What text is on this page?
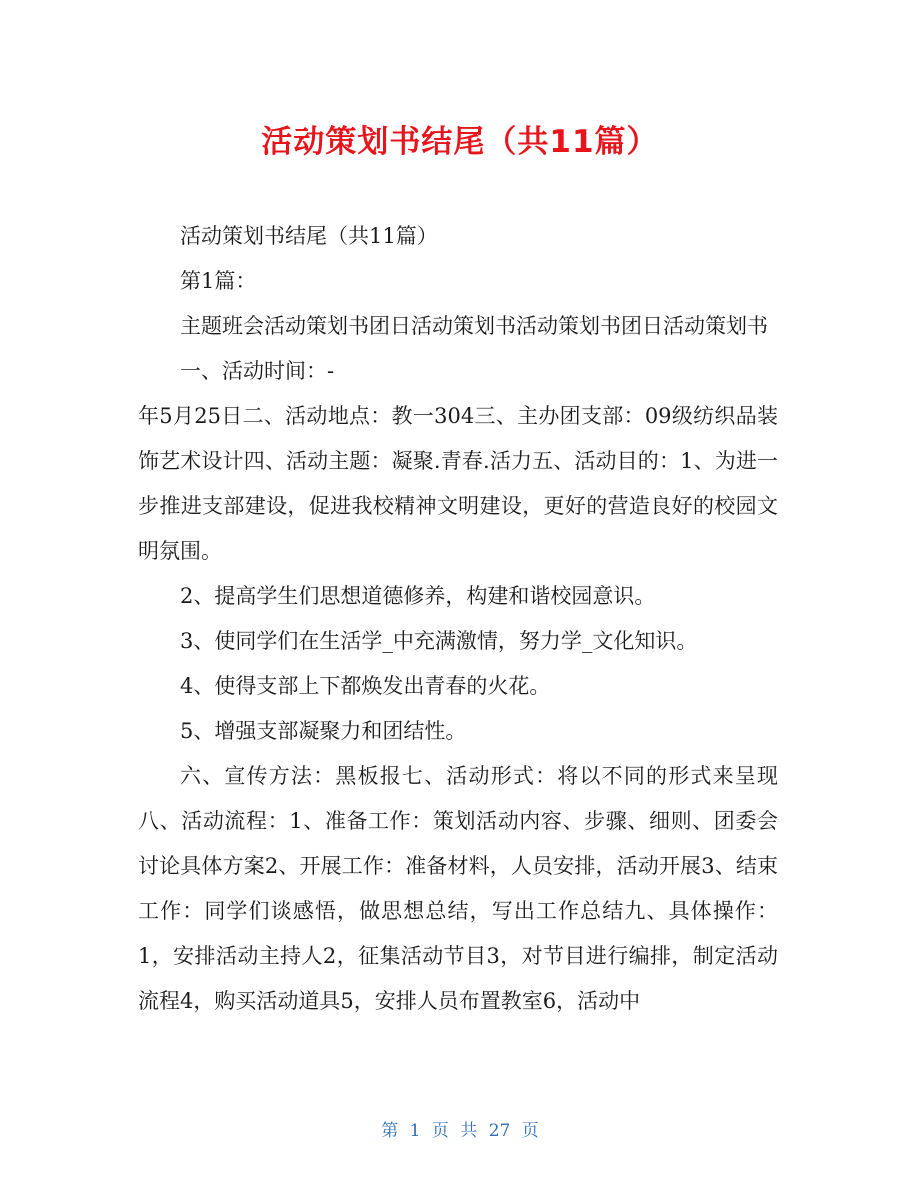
活动策划书结尾（共11篇）

活动策划书结尾（共11篇）

第1篇：

主题班会活动策划书团日活动策划书活动策划书团日活动策划书

一、活动时间：-

年5月25日二、活动地点：教一304三、主办团支部：09级纺织品装饰艺术设计四、活动主题：凝聚.青春.活力五、活动目的：1、为进一步推进支部建设，促进我校精神文明建设，更好的营造良好的校园文明氛围。

2、提高学生们思想道德修养，构建和谐校园意识。

3、使同学们在生活学_中充满激情，努力学_文化知识。

4、使得支部上下都焕发出青春的火花。

5、增强支部凝聚力和团结性。

六、宣传方法：黑板报七、活动形式：将以不同的形式来呈现八、活动流程：1、准备工作：策划活动内容、步骤、细则、团委会讨论具体方案2、开展工作：准备材料，人员安排，活动开展3、结束工作：同学们谈感悟，做思想总结，写出工作总结九、具体操作：1，安排活动主持人2，征集活动节目3，对节目进行编排，制定活动流程4，购买活动道具5，安排人员布置教室6，活动中

第 1 页 共 27 页
